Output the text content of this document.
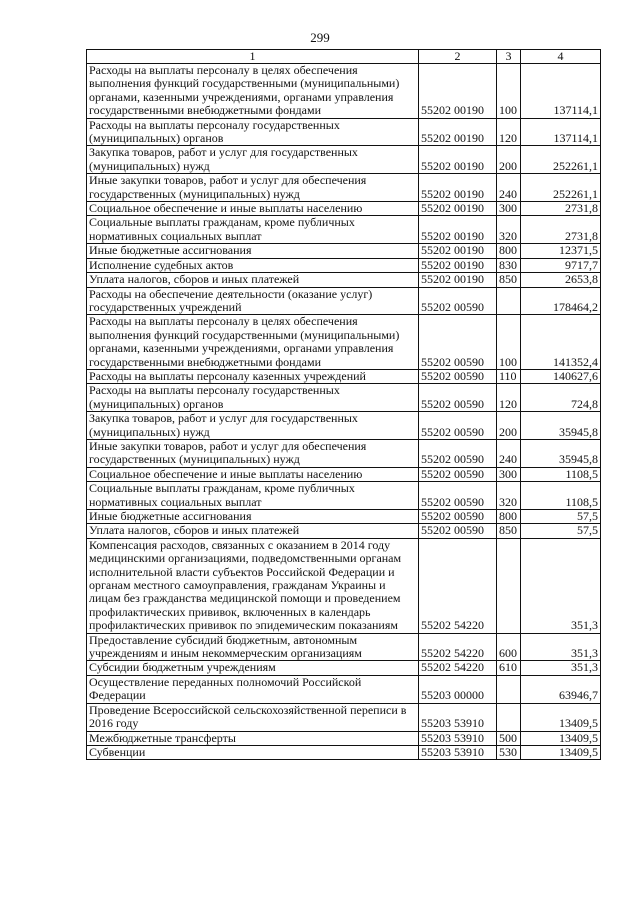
299
1	2	3	4
Расходы на выплаты персоналу в целях обеспечения выполнения функций государственными (муниципальными) органами, казенными учреждениями, органами управления государственными внебюджетными фондами	55202 00190	100	137114,1
Расходы на выплаты персоналу государственных (муниципальных) органов	55202 00190	120	137114,1
Закупка товаров, работ и услуг для государственных (муниципальных) нужд	55202 00190	200	252261,1
Иные закупки товаров, работ и услуг для обеспечения государственных (муниципальных) нужд	55202 00190	240	252261,1
Социальное обеспечение и иные выплаты населению	55202 00190	300	2731,8
Социальные выплаты гражданам, кроме публичных нормативных социальных выплат	55202 00190	320	2731,8
Иные бюджетные ассигнования	55202 00190	800	12371,5
Исполнение судебных актов	55202 00190	830	9717,7
Уплата налогов, сборов и иных платежей	55202 00190	850	2653,8
Расходы на обеспечение деятельности (оказание услуг) государственных учреждений	55202 00590		178464,2
Расходы на выплаты персоналу в целях обеспечения выполнения функций государственными (муниципальными) органами, казенными учреждениями, органами управления государственными внебюджетными фондами	55202 00590	100	141352,4
Расходы на выплаты персоналу казенных учреждений	55202 00590	110	140627,6
Расходы на выплаты персоналу государственных (муниципальных) органов	55202 00590	120	724,8
Закупка товаров, работ и услуг для государственных (муниципальных) нужд	55202 00590	200	35945,8
Иные закупки товаров, работ и услуг для обеспечения государственных (муниципальных) нужд	55202 00590	240	35945,8
Социальное обеспечение и иные выплаты населению	55202 00590	300	1108,5
Социальные выплаты гражданам, кроме публичных нормативных социальных выплат	55202 00590	320	1108,5
Иные бюджетные ассигнования	55202 00590	800	57,5
Уплата налогов, сборов и иных платежей	55202 00590	850	57,5
Компенсация расходов, связанных с оказанием в 2014 году медицинскими организациями, подведомственными органам исполнительной власти субъектов Российской Федерации и органам местного самоуправления, гражданам Украины и лицам без гражданства медицинской помощи и проведением профилактических прививок, включенных в календарь профилактических прививок по эпидемическим показаниям	55202 54220		351,3
Предоставление субсидий бюджетным, автономным учреждениям и иным некоммерческим организациям	55202 54220	600	351,3
Субсидии бюджетным учреждениям	55202 54220	610	351,3
Осуществление переданных полномочий Российской Федерации	55203 00000		63946,7
Проведение Всероссийской сельскохозяйственной переписи в 2016 году	55203 53910		13409,5
Межбюджетные трансферты	55203 53910	500	13409,5
Субвенции	55203 53910	530	13409,5
